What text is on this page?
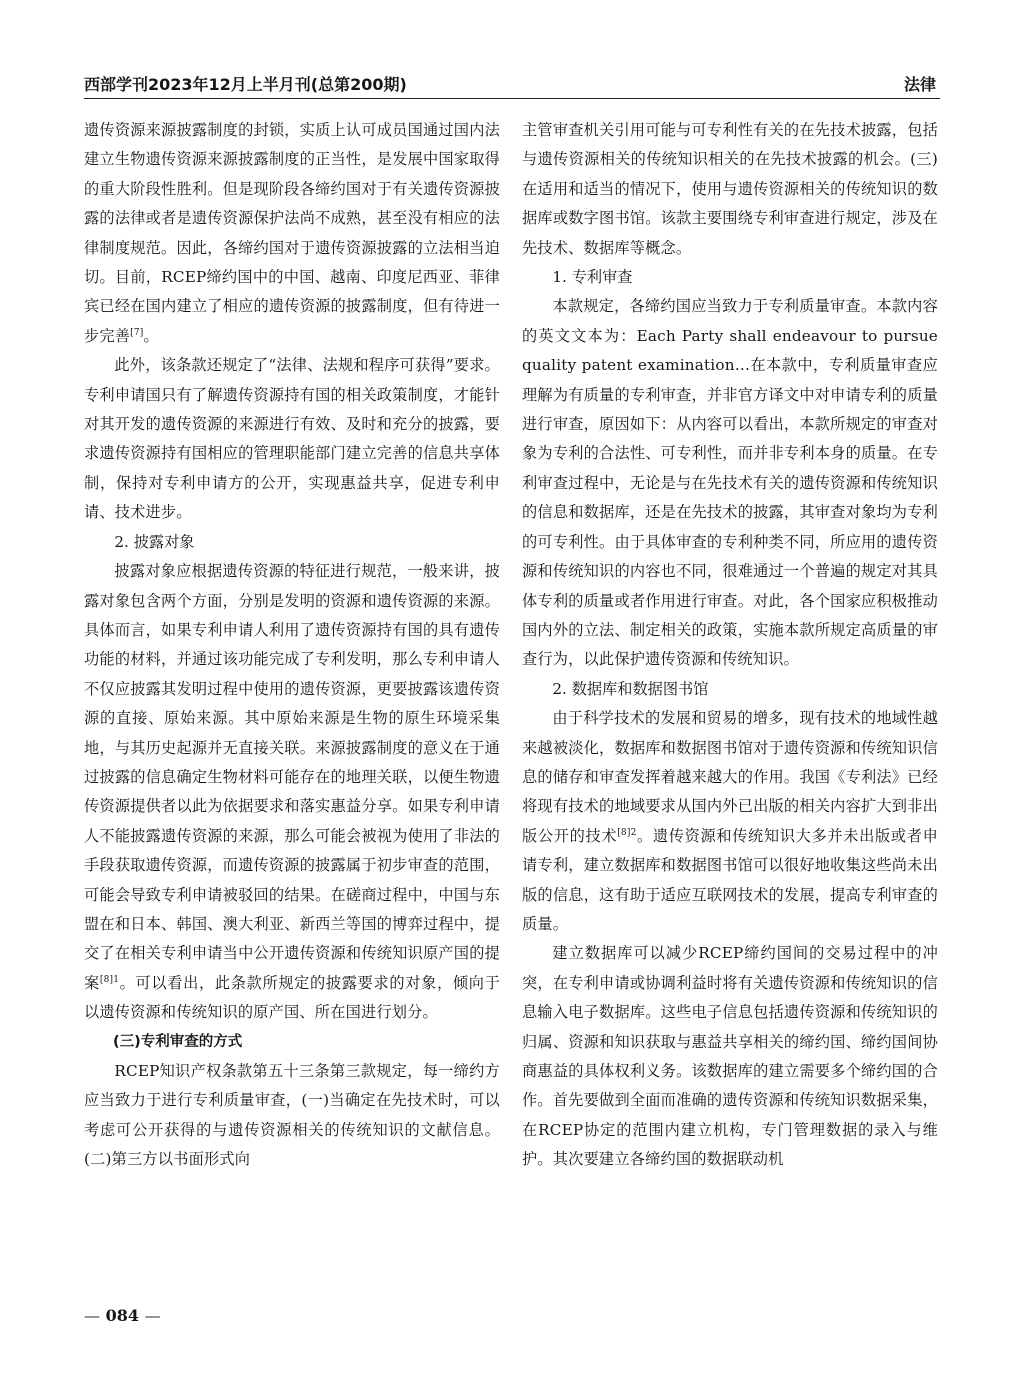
西部学刊2023年12月上半月刊(总第200期)	法律

遗传资源来源披露制度的封锁，实质上认可成员国通过国内法建立生物遗传资源来源披露制度的正当性，是发展中国家取得的重大阶段性胜利。但是现阶段各缔约国对于有关遗传资源披露的法律或者是遗传资源保护法尚不成熟，甚至没有相应的法律制度规范。因此，各缔约国对于遗传资源披露的立法相当迫切。目前，RCEP缔约国中的中国、越南、印度尼西亚、菲律宾已经在国内建立了相应的遗传资源的披露制度，但有待进一步完善[7]。

此外，该条款还规定了“法律、法规和程序可获得”要求。专利申请国只有了解遗传资源持有国的相关政策制度，才能针对其开发的遗传资源的来源进行有效、及时和充分的披露，要求遗传资源持有国相应的管理职能部门建立完善的信息共享体制，保持对专利申请方的公开，实现惠益共享，促进专利申请、技术进步。

2. 披露对象

披露对象应根据遗传资源的特征进行规范，一般来讲，披露对象包含两个方面，分别是发明的资源和遗传资源的来源。具体而言，如果专利申请人利用了遗传资源持有国的具有遗传功能的材料，并通过该功能完成了专利发明，那么专利申请人不仅应披露其发明过程中使用的遗传资源，更要披露该遗传资源的直接、原始来源。其中原始来源是生物的原生环境采集地，与其历史起源并无直接关联。来源披露制度的意义在于通过披露的信息确定生物材料可能存在的地理关联，以便生物遗传资源提供者以此为依据要求和落实惠益分享。如果专利申请人不能披露遗传资源的来源，那么可能会被视为使用了非法的手段获取遗传资源，而遗传资源的披露属于初步审查的范围，可能会导致专利申请被驳回的结果。在磋商过程中，中国与东盟在和日本、韩国、澳大利亚、新西兰等国的博弈过程中，提交了在相关专利申请当中公开遗传资源和传统知识原产国的提案$^{[8]1}$。可以看出，此条款所规定的披露要求的对象，倾向于以遗传资源和传统知识的原产国、所在国进行划分。

(三)专利审查的方式

RCEP知识产权条款第五十三条第三款规定，每一缔约方应当致力于进行专利质量审查，(一)当确定在先技术时，可以考虑可公开获得的与遗传资源相关的传统知识的文献信息。(二)第三方以书面形式向

主管审查机关引用可能与可专利性有关的在先技术披露，包括与遗传资源相关的传统知识相关的在先技术披露的机会。(三)在适用和适当的情况下，使用与遗传资源相关的传统知识的数据库或数字图书馆。该款主要围绕专利审查进行规定，涉及在先技术、数据库等概念。

1. 专利审查

本款规定，各缔约国应当致力于专利质量审查。本款内容的英文文本为：Each Party shall endeavour to pursue quality patent examination…在本款中，专利质量审查应理解为有质量的专利审查，并非官方译文中对申请专利的质量进行审查，原因如下：从内容可以看出，本款所规定的审查对象为专利的合法性、可专利性，而并非专利本身的质量。在专利审查过程中，无论是与在先技术有关的遗传资源和传统知识的信息和数据库，还是在先技术的披露，其审查对象均为专利的可专利性。由于具体审查的专利种类不同，所应用的遗传资源和传统知识的内容也不同，很难通过一个普遍的规定对其具体专利的质量或者作用进行审查。对此，各个国家应积极推动国内外的立法、制定相关的政策，实施本款所规定高质量的审查行为，以此保护遗传资源和传统知识。

2. 数据库和数据图书馆

由于科学技术的发展和贸易的增多，现有技术的地域性越来越被淡化，数据库和数据图书馆对于遗传资源和传统知识信息的储存和审查发挥着越来越大的作用。我国《专利法》已经将现有技术的地域要求从国内外已出版的相关内容扩大到非出版公开的技术$^{[8]2}$。遗传资源和传统知识大多并未出版或者申请专利，建立数据库和数据图书馆可以很好地收集这些尚未出版的信息，这有助于适应互联网技术的发展，提高专利审查的质量。

建立数据库可以减少RCEP缔约国间的交易过程中的冲突，在专利申请或协调利益时将有关遗传资源和传统知识的信息输入电子数据库。这些电子信息包括遗传资源和传统知识的归属、资源和知识获取与惠益共享相关的缔约国、缔约国间协商惠益的具体权利义务。该数据库的建立需要多个缔约国的合作。首先要做到全面而准确的遗传资源和传统知识数据采集，在RCEP协定的范围内建立机构，专门管理数据的录入与维护。其次要建立各缔约国的数据联动机

— 084 —
